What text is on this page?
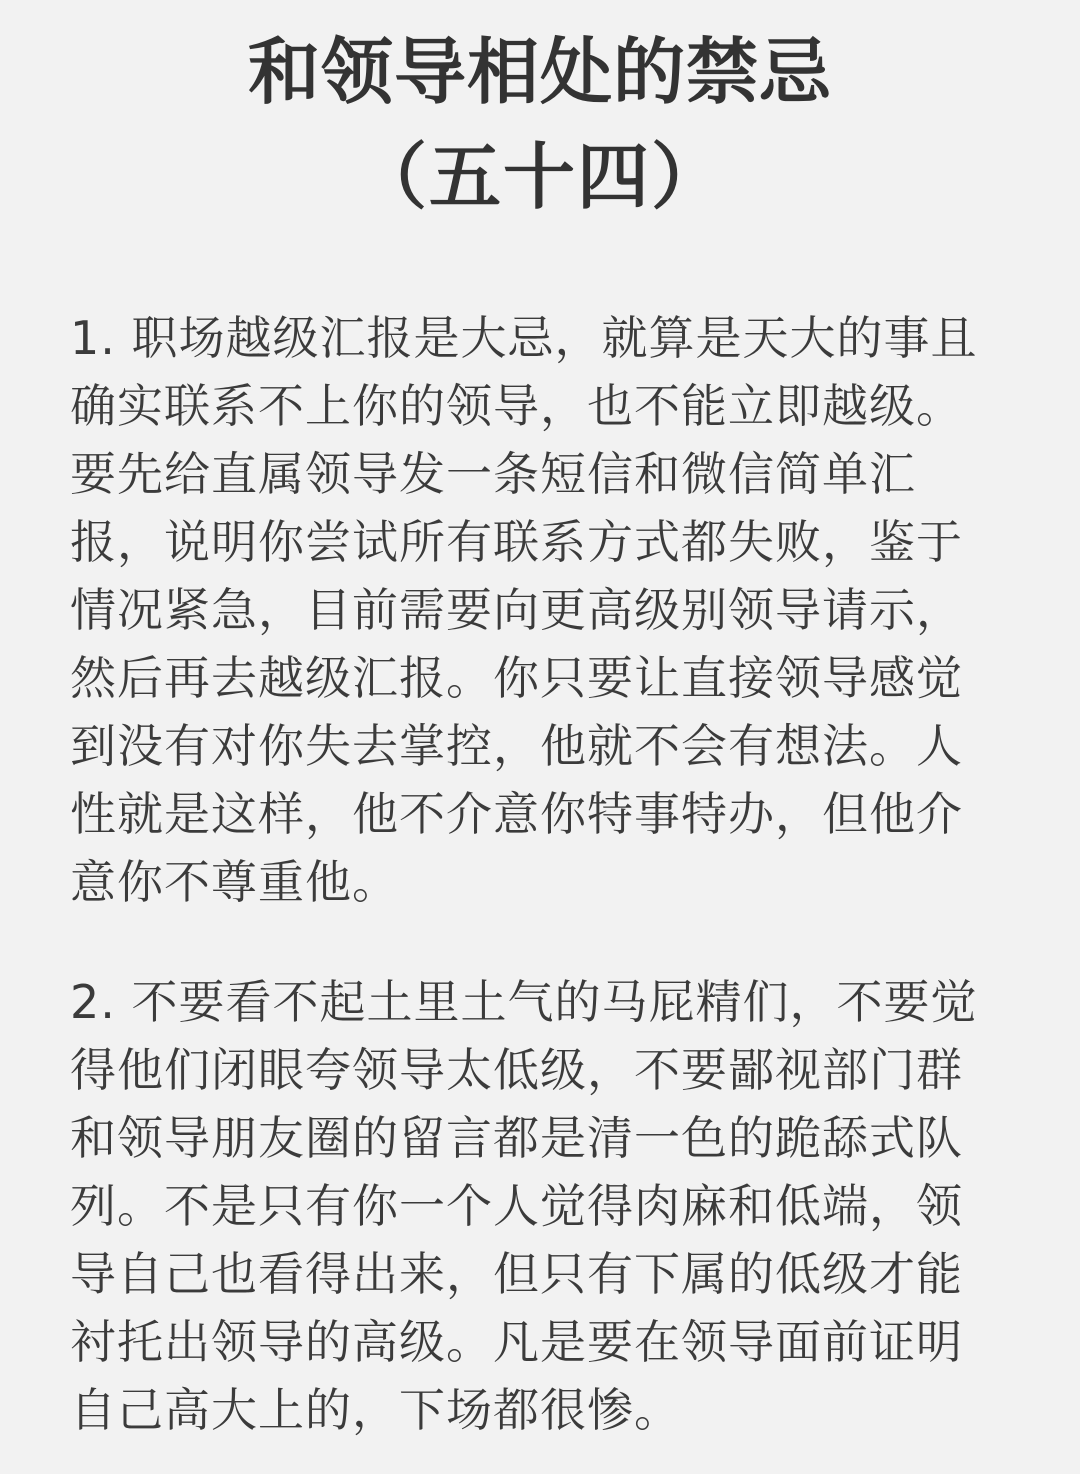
和领导相处的禁忌
（五十四）

1. 职场越级汇报是大忌，就算是天大的事且确实联系不上你的领导，也不能立即越级。要先给直属领导发一条短信和微信简单汇报，说明你尝试所有联系方式都失败，鉴于情况紧急，目前需要向更高级别领导请示，然后再去越级汇报。你只要让直接领导感觉到没有对你失去掌控，他就不会有想法。人性就是这样，他不介意你特事特办，但他介意你不尊重他。

2. 不要看不起土里土气的马屁精们，不要觉得他们闭眼夸领导太低级，不要鄙视部门群和领导朋友圈的留言都是清一色的跪舔式队列。不是只有你一个人觉得肉麻和低端，领导自己也看得出来，但只有下属的低级才能衬托出领导的高级。凡是要在领导面前证明自己高大上的，下场都很惨。
